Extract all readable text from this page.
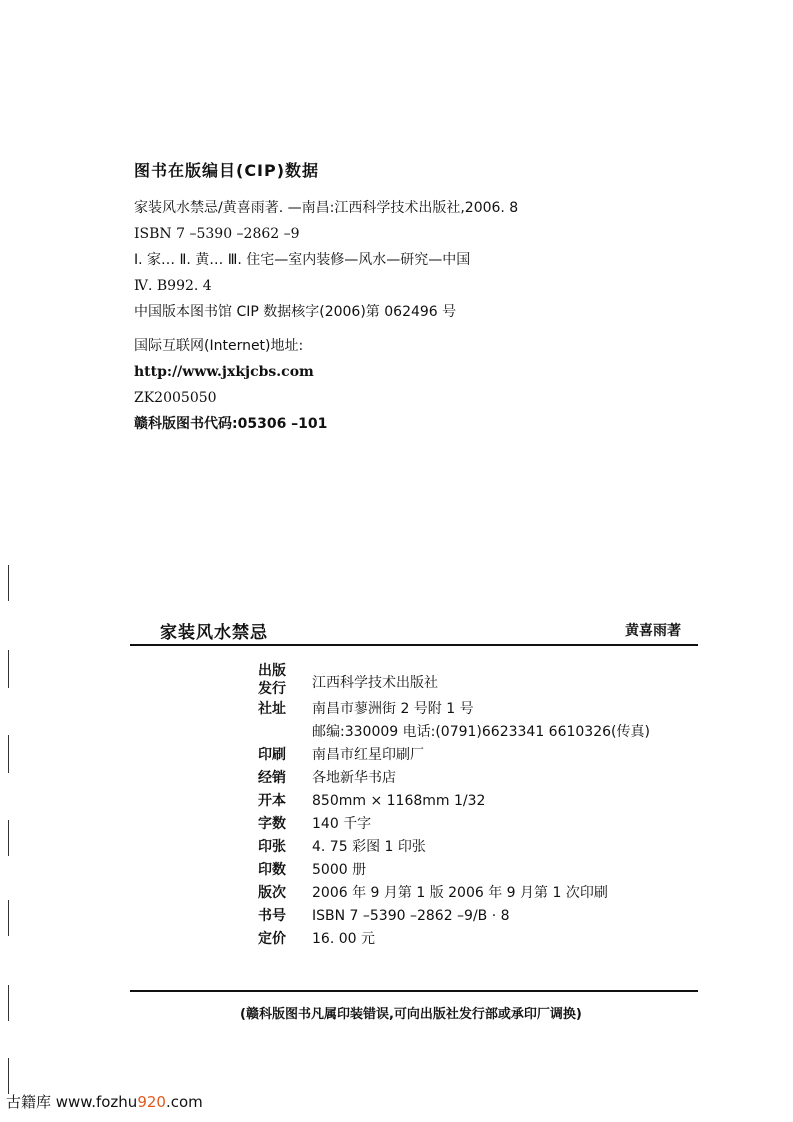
图书在版编目(CIP)数据
家装风水禁忌/黄喜雨著. —南昌:江西科学技术出版社,2006. 8
ISBN 7 –5390 –2862 –9
Ⅰ. 家… Ⅱ. 黄… Ⅲ. 住宅—室内装修—风水—研究—中国
Ⅳ. B992. 4
中国版本图书馆 CIP 数据核字(2006)第 062496 号
国际互联网(Internet)地址:
http://www.jxkjcbs.com
ZK2005050
赣科版图书代码:05306 –101
家装风水禁忌	黄喜雨著
出版
发行	江西科学技术出版社
社址	南昌市蓼洲街 2 号附 1 号
邮编:330009 电话:(0791)6623341 6610326(传真)
印刷	南昌市红星印刷厂
经销	各地新华书店
开本	850mm × 1168mm 1/32
字数	140 千字
印张	4. 75 彩图 1 印张
印数	5000 册
版次	2006 年 9 月第 1 版 2006 年 9 月第 1 次印刷
书号	ISBN 7 –5390 –2862 –9/B · 8
定价	16. 00 元
(赣科版图书凡属印装错误,可向出版社发行部或承印厂调换)
古籍库 www.fozhu920.com
